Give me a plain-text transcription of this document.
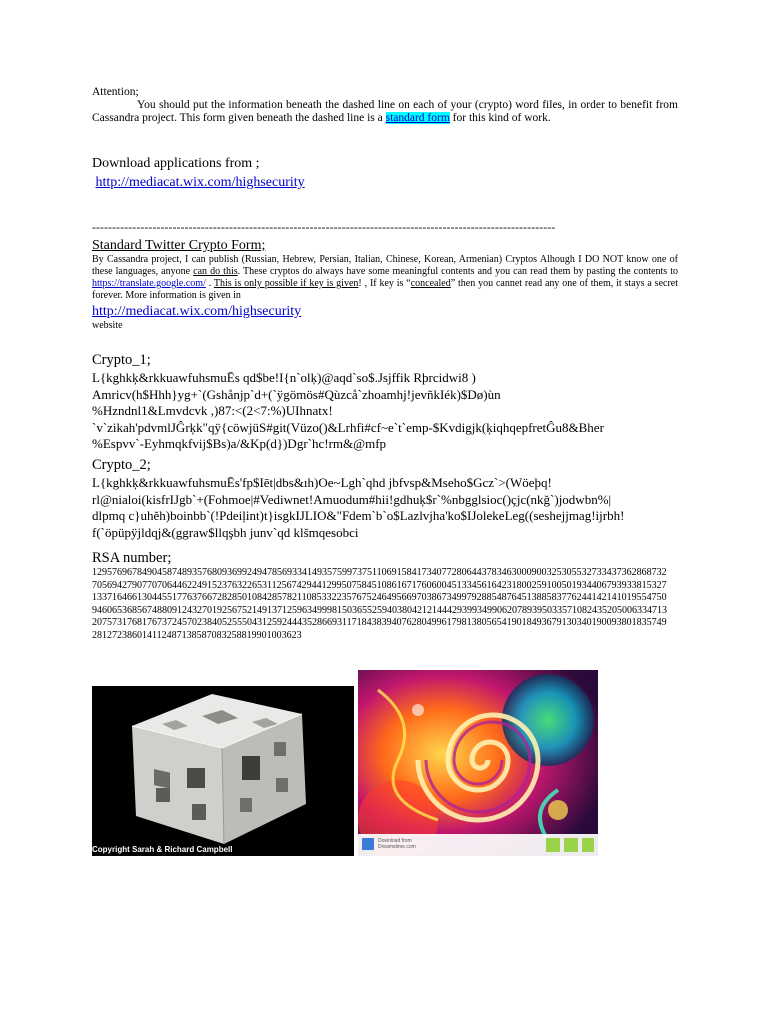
Attention;

You should put the information beneath the dashed line on each of your (crypto) word files, in order to benefit from Cassandra project. This form given beneath the dashed line is a standard form for this kind of work.

Download applications from ;

http://mediacat.wix.com/highsecurity

-------------------------------------------------------------------------------------------------------------------

Standard Twitter Crypto Form;

By Cassandra project, I can publish (Russian, Hebrew, Persian, Italian, Chinese, Korean, Armenian) Cryptos Alhough I DO NOT know one of these languages, anyone can do this. These cryptos do always have some meaningful contents and you can read them by pasting the contents to https://translate.google.com/ . This is only possible if key is given! , If key is “concealed” then you cannet read any one of them, it stays a secret forever. More information is given in

http://mediacat.wix.com/highsecurity

website

Crypto_1;

L{kghkķ&rkkuawfuhsmuĒs qd$be!I{n`olķ)@aqd`so$.Jsjffik Rþrcidwi8 )
Amricv(h$Hhh}yg+`(Gshånjp`d+(`ÿgömös#Qùzcå`zhoamhj!jevñkIék)$Dø)ùn
%Hzndnl1&Lmvdcvk ,)87:<(2<7:%)UIhnatx!
`v`zikah'pdvmlJĜrķk"qÿ{cöwjüS#git(Vüzo()&Lrhfi#cf~e`t`emp-$Kvdigjk(ķiqhqepfretĜu8&Bher
%Espvv`-Eyhmqkfvij$Bs)a/&Kp(d})Dgr`hc!rm&@mfp

Crypto_2;

L{kghkķ&rkkuawfuhsmuĒs'fp$Iēt|dbs&ıh)Oe~Lgh`qhd jbfvsp&Mseho$Gcz`>(Wöeþq!
rl@nialoi(kisfrIJgb`+(Fohmoe|#Vediwnet!Amuodum#hii!gdhuķ$r`%nbgglsioc()çjc(nkğ`)jodwbn%|
dlpmq c}uhĕh)boinbb`(!Pdeiļint)t}isgkIJLIO&"Fdem`b`o$Lazlvjha'ko$IJolekeLeg((seshejjmag!ijrbh!
f(`öpüpÿjldqj&(ggraw$llqşbh junv`qd klšmqesobci

RSA number;

12957696784904587489357680936992494785693341493575997375110691584173407728064437834630009003253055327334373628687327056942790770706446224915237632265311256742944129950758451086167176060045133456164231800259100501934406793933815327133716466130445517763766728285010842857821108533223576752464956697038673499792885487645138858377624414214101955475094606536856748809124327019256752149137125963499981503655259403804212144429399349906207893950335710824352050063347132075731768176737245702384052555043125924443528669311718438394076280499617981380565419018493679130340190093801835749281272386014112487138587083258819901003623
Copyright Sarah & Richard Campbell
Download from
Dreamstime.com
